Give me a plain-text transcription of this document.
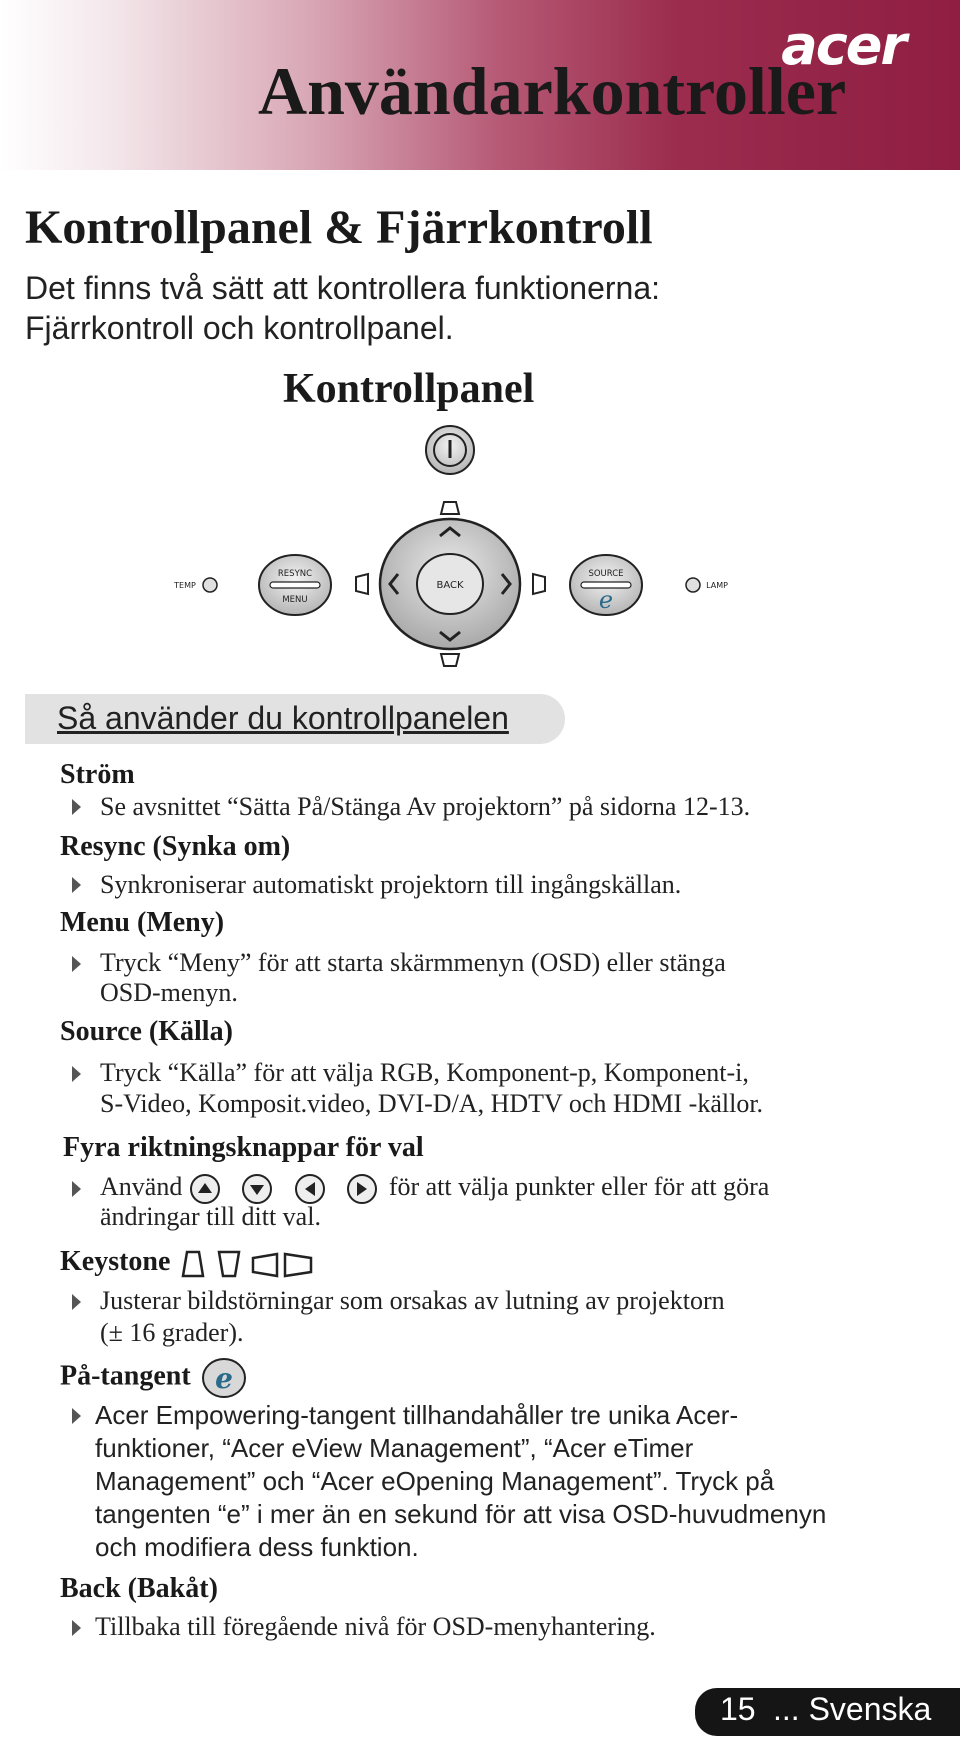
acer
Användarkontroller
Kontrollpanel & Fjärrkontroll
Det finns två sätt att kontrollera funktionerna:
Fjärrkontroll och kontrollpanel.
Kontrollpanel
BACK
RESYNC
MENU
SOURCE
e
TEMP	LAMP
Så använder du kontrollpanelen
Ström
Se avsnittet “Sätta På/Stänga Av projektorn” på sidorna 12-13.
Resync (Synka om)
Synkroniserar automatiskt projektorn till ingångskällan.
Menu (Meny)
Tryck “Meny” för att starta skärmmenyn (OSD) eller stänga
OSD-menyn.
Source (Källa)
Tryck “Källa” för att välja RGB, Komponent-p, Komponent-i,
S-Video, Komposit.video, DVI-D/A, HDTV och HDMI -källor.
Fyra riktningsknappar för val
Använd	för att välja punkter eller för att göra
ändringar till ditt val.
Keystone
Justerar bildstörningar som orsakas av lutning av projektorn
(± 16 grader).
På-tangent e
Acer Empowering-tangent tillhandahåller tre unika Acer-
funktioner, “Acer eView Management”, “Acer eTimer
Management” och “Acer eOpening Management”. Tryck på
tangenten “e” i mer än en sekund för att visa OSD-huvudmenyn
och modifiera dess funktion.
Back (Bakåt)
Tillbaka till föregående nivå för OSD-menyhantering.
15 ... Svenska
